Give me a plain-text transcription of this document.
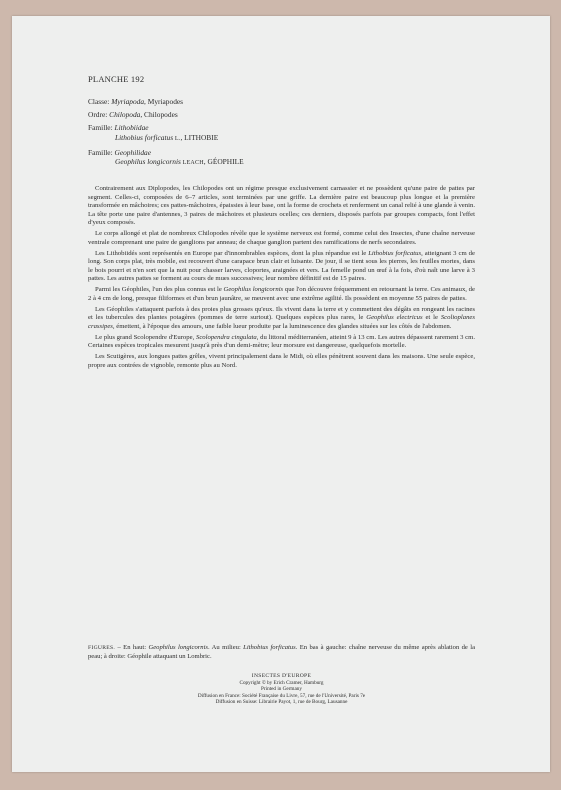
PLANCHE 192
Classe: Myriapoda, Myriapodes
Ordre: Chilopoda, Chilopodes
Famille: Lithobiidae
Lithobius forficatus L., LITHOBIE
Famille: Geophilidae
Geophilus longicornis LEACH, GÉOPHILE

Contrairement aux Diplopodes, les Chilopodes ont un régime presque exclusivement carnassier et ne possèdent qu'une paire de pattes par segment. Celles-ci, composées de 6–7 articles, sont terminées par une griffe. La dernière paire est beaucoup plus longue et la première transformée en mâchoires; ces pattes-mâchoires, épaissies à leur base, ont la forme de crochets et renferment un canal relié à une glande à venin. La tête porte une paire d'antennes, 3 paires de mâchoires et plusieurs ocelles; ces derniers, disposés parfois par groupes compacts, font l'effet d'yeux composés.

Le corps allongé et plat de nombreux Chilopodes révèle que le système nerveux est formé, comme celui des Insectes, d'une chaîne nerveuse ventrale comprenant une paire de ganglions par anneau; de chaque ganglion partent des ramifications de nerfs secondaires.

Les Lithobiidés sont représentés en Europe par d'innombrables espèces, dont la plus répandue est le Lithobius forficatus, atteignant 3 cm de long. Son corps plat, très mobile, est recouvert d'une carapace brun clair et luisante. De jour, il se tient sous les pierres, les feuilles mortes, dans le bois pourri et n'en sort que la nuit pour chasser larves, cloportes, araignées et vers. La femelle pond un œuf à la fois, d'où naît une larve à 3 pattes. Les autres pattes se forment au cours de mues successives; leur nombre définitif est de 15 paires.

Parmi les Géophiles, l'un des plus connus est le Geophilus longicornis que l'on découvre fréquemment en retournant la terre. Ces animaux, de 2 à 4 cm de long, presque filiformes et d'un brun jaunâtre, se meuvent avec une extrême agilité. Ils possèdent en moyenne 55 paires de pattes.

Les Géophiles s'attaquent parfois à des proies plus grosses qu'eux. Ils vivent dans la terre et y commettent des dégâts en rongeant les racines et les tubercules des plantes potagères (pommes de terre surtout). Quelques espèces plus rares, le Geophilus electricus et le Scolioplanes crassipes, émettent, à l'époque des amours, une faible lueur produite par la luminescence des glandes situées sur les côtés de l'abdomen.

Le plus grand Scolopendre d'Europe, Scolopendra cingulata, du littoral méditerranéen, atteint 9 à 13 cm. Les autres dépassent rarement 3 cm. Certaines espèces tropicales mesurent jusqu'à près d'un demi-mètre; leur morsure est dangereuse, quelquefois mortelle.

Les Scutigères, aux longues pattes grêles, vivent principalement dans le Midi, où elles pénètrent souvent dans les maisons. Une seule espèce, propre aux contrées de vignoble, remonte plus au Nord.

FIGURES. – En haut: Geophilus longicornis. Au milieu: Lithobius forficatus. En bas à gauche: chaîne nerveuse du même après ablation de la peau; à droite: Géophile attaquant un Lombric.
INSECTES D'EUROPE
Copyright © by Erich Cramer, Hamburg
Printed in Germany
Diffusion en France: Société Française du Livre, 57, rue de l'Université, Paris 7e
Diffusion en Suisse: Librairie Payot, 1, rue de Bourg, Lausanne
